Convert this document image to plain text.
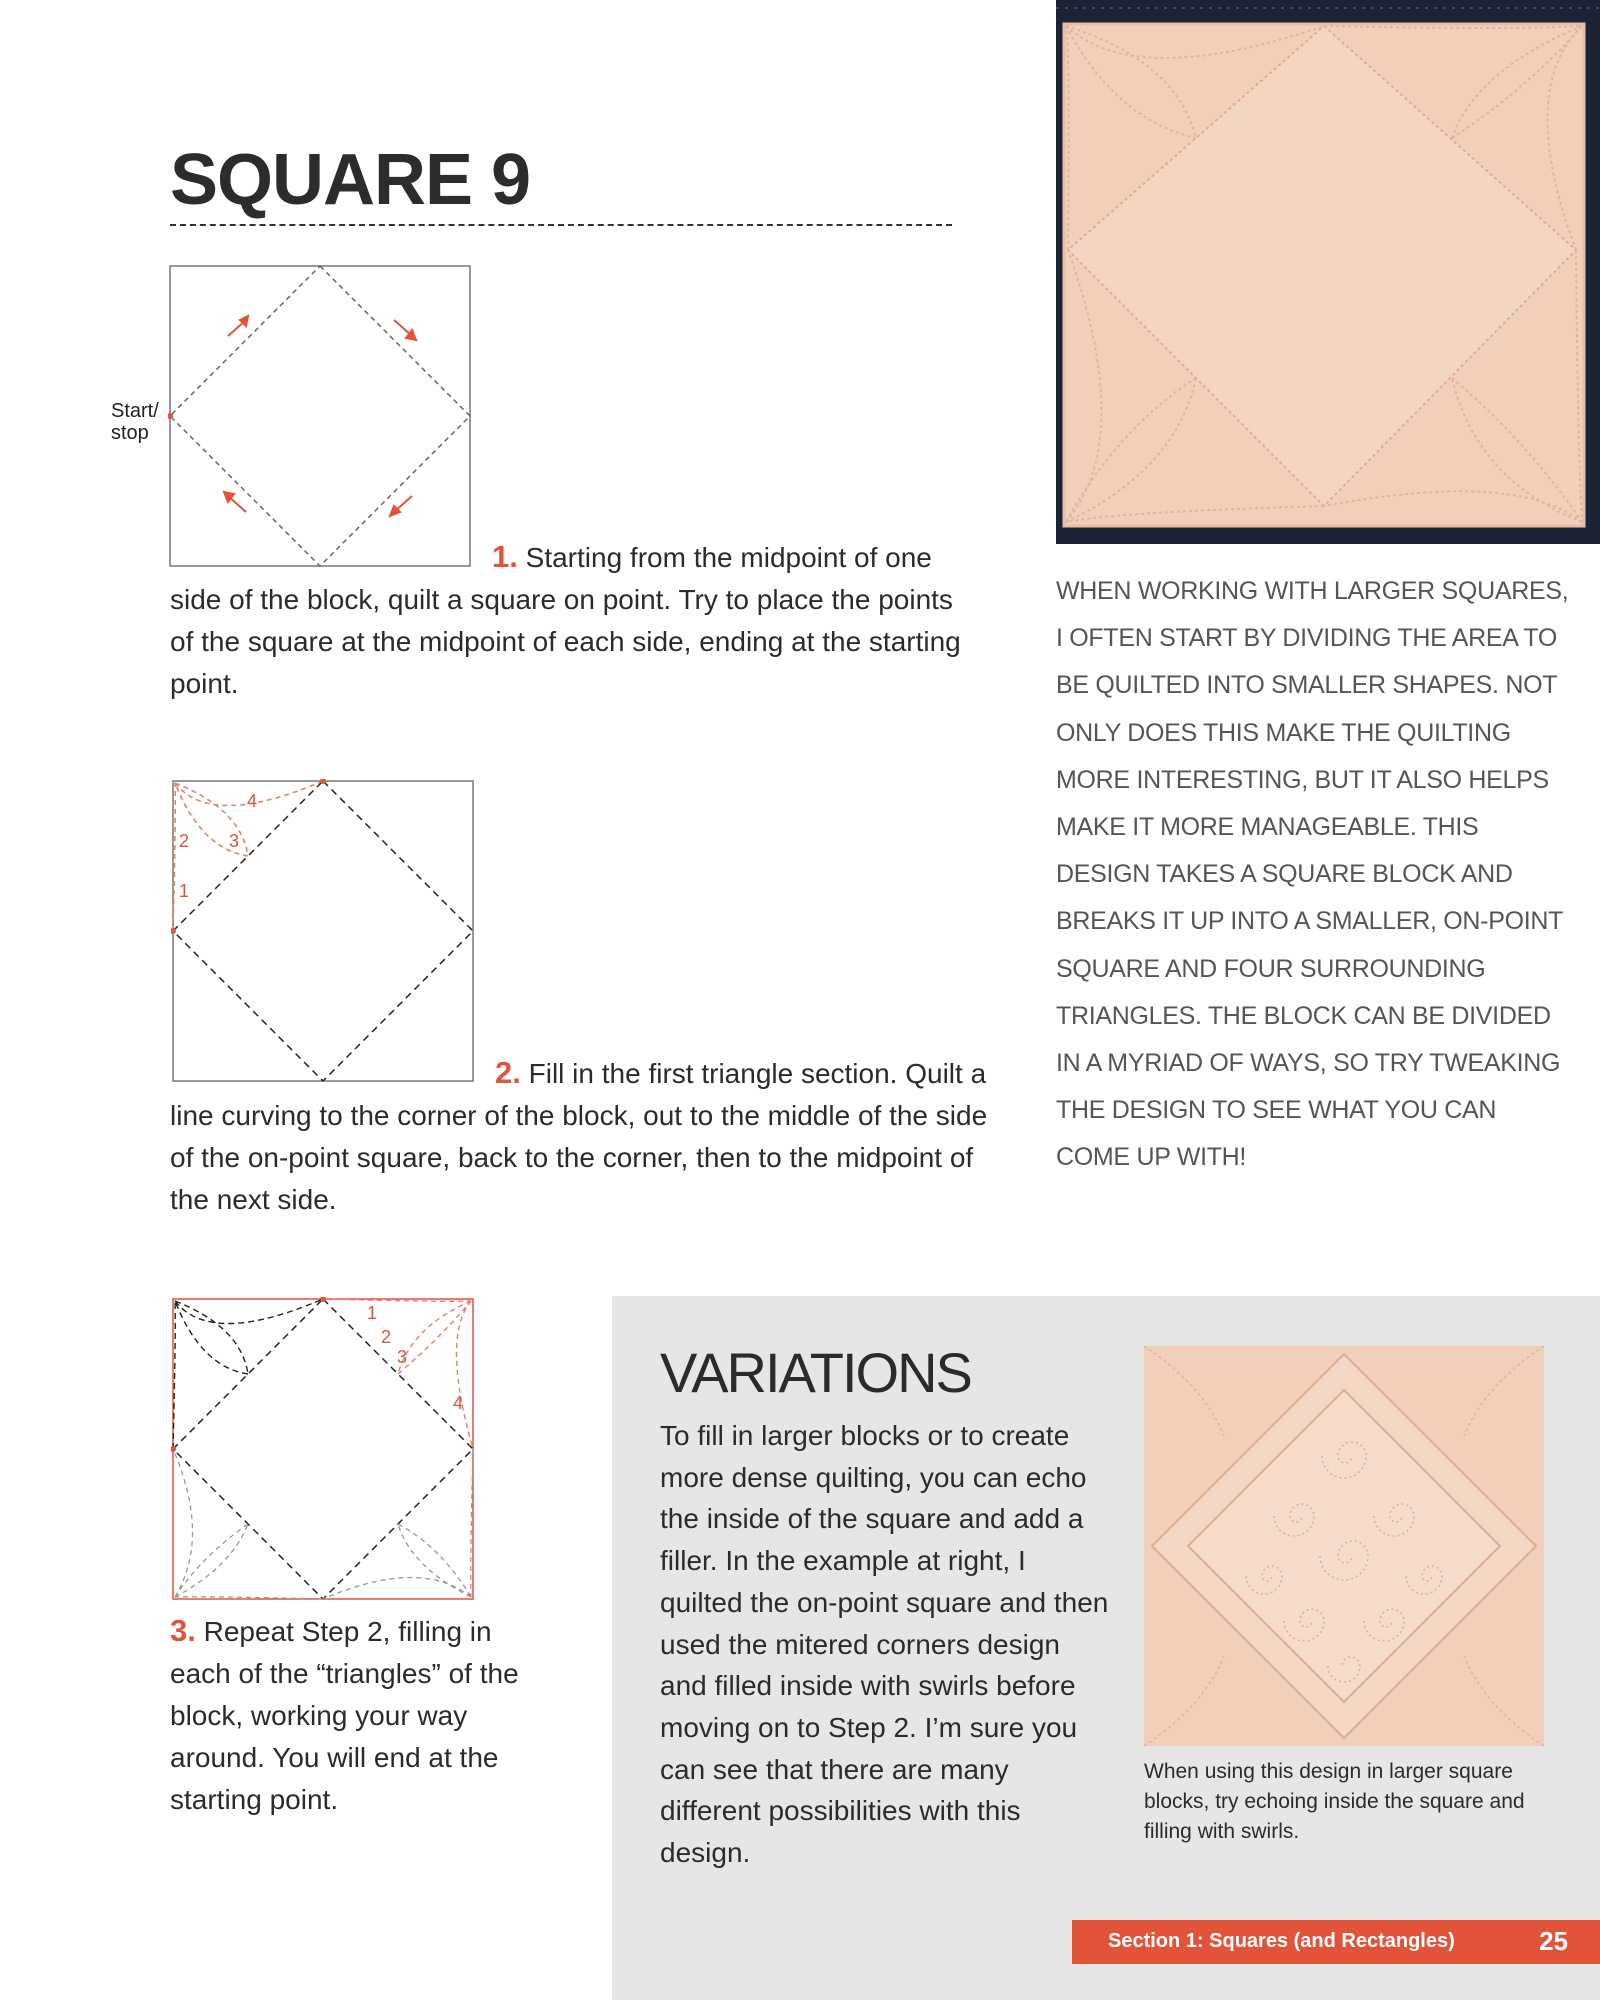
SQUARE 9
Start/
stop
1. Starting from the midpoint of one side of the block, quilt a square on point. Try to place the points of the square at the midpoint of each side, ending at the starting point.
1
2 3
4
2. Fill in the first triangle section. Quilt a line curving to the corner of the block, out to the middle of the side of the on-point square, back to the corner, then to the midpoint of the next side.
1
2
3
4
3. Repeat Step 2, filling in each of the “triangles” of the block, working your way around. You will end at the starting point.
WHEN WORKING WITH LARGER SQUARES, I OFTEN START BY DIVIDING THE AREA TO BE QUILTED INTO SMALLER SHAPES. NOT ONLY DOES THIS MAKE THE QUILTING MORE INTERESTING, BUT IT ALSO HELPS MAKE IT MORE MANAGEABLE. THIS DESIGN TAKES A SQUARE BLOCK AND BREAKS IT UP INTO A SMALLER, ON-POINT SQUARE AND FOUR SURROUNDING TRIANGLES. THE BLOCK CAN BE DIVIDED IN A MYRIAD OF WAYS, SO TRY TWEAKING THE DESIGN TO SEE WHAT YOU CAN COME UP WITH!
VARIATIONS
To fill in larger blocks or to create more dense quilting, you can echo the inside of the square and add a filler. In the example at right, I quilted the on-point square and then used the mitered corners design and filled inside with swirls before moving on to Step 2. I’m sure you can see that there are many different possibilities with this design.
When using this design in larger square blocks, try echoing inside the square and filling with swirls.
Section 1: Squares (and Rectangles)	25
